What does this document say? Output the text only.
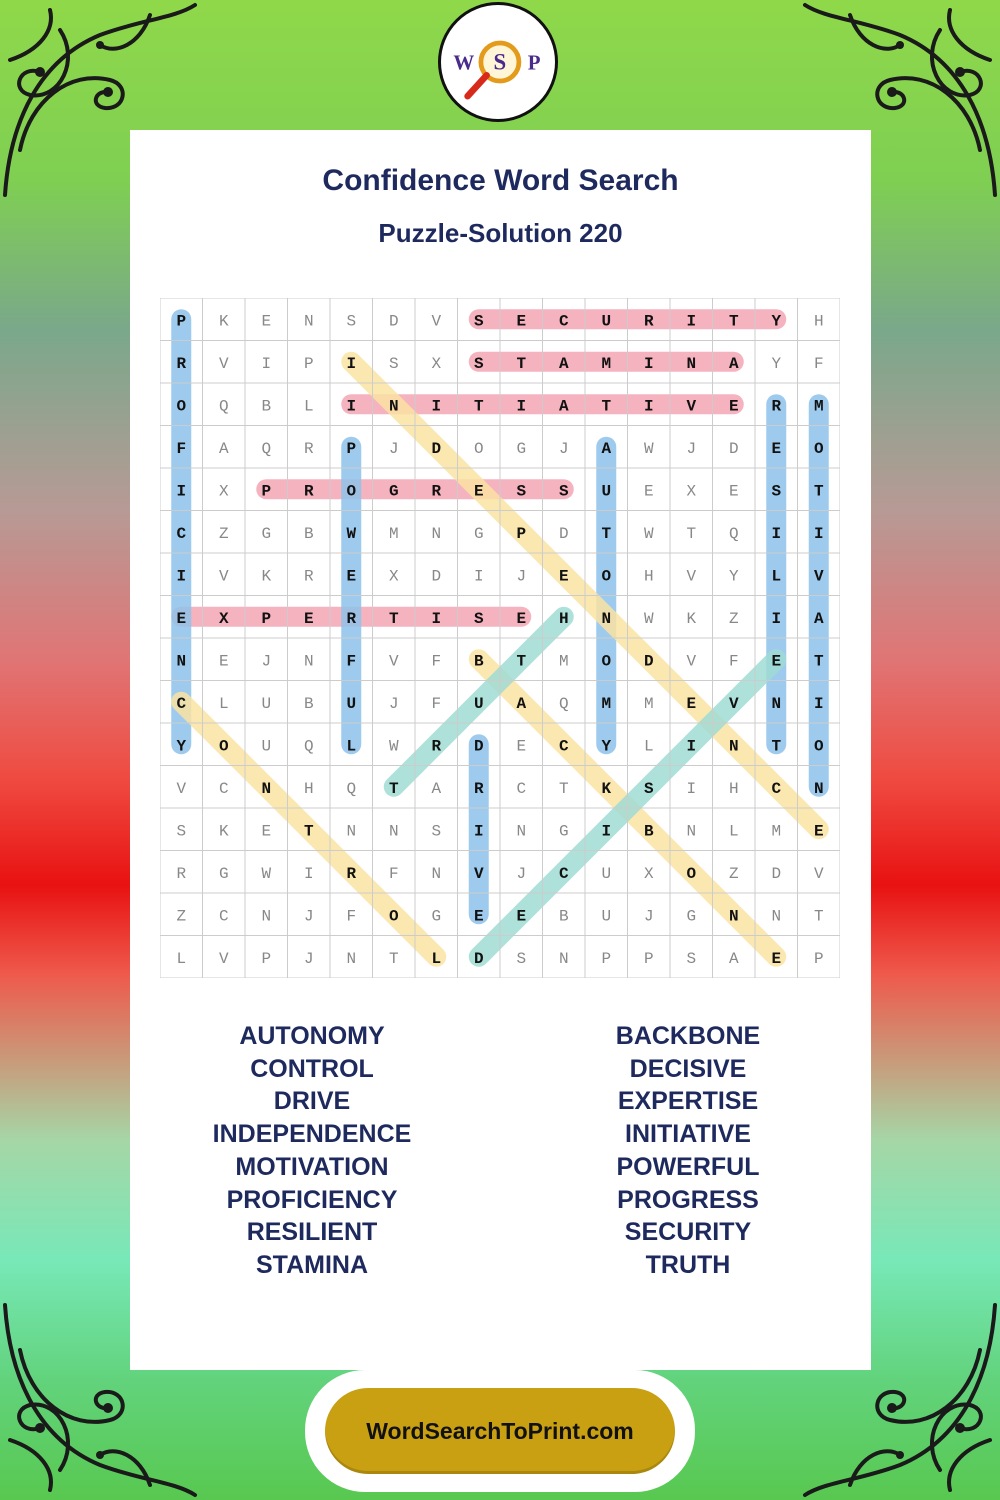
W S P
Confidence Word Search
Puzzle-Solution 220
P K E N S D V S E C U R I T Y H
R V I P I S X S T A M I N A Y F
O Q B L I N I T I A T I V E R M
F A Q R P J D O G J A W J D E O
I X P R O G R E S S U E X E S T
C Z G B W M N G P D T W T Q I I
I V K R E X D I J E O H V Y L V
E X P E R T I S E H N W K Z I A
N E J N F V F B T M O D V F E T
C L U B U J F U A Q M M E V N I
Y O U Q L W R D E C Y L I N T O
V C N H Q T A R C T K S I H C N
S K E T N N S I N G I B N L M E
R G W I R F N V J C U X O Z D V
Z C N J F O G E E B U J G N N T
L V P J N T L D S N P P S A E P
AUTONOMY
CONTROL
DRIVE
INDEPENDENCE
MOTIVATION
PROFICIENCY
RESILIENT
STAMINA
BACKBONE
DECISIVE
EXPERTISE
INITIATIVE
POWERFUL
PROGRESS
SECURITY
TRUTH
WordSearchToPrint.com
